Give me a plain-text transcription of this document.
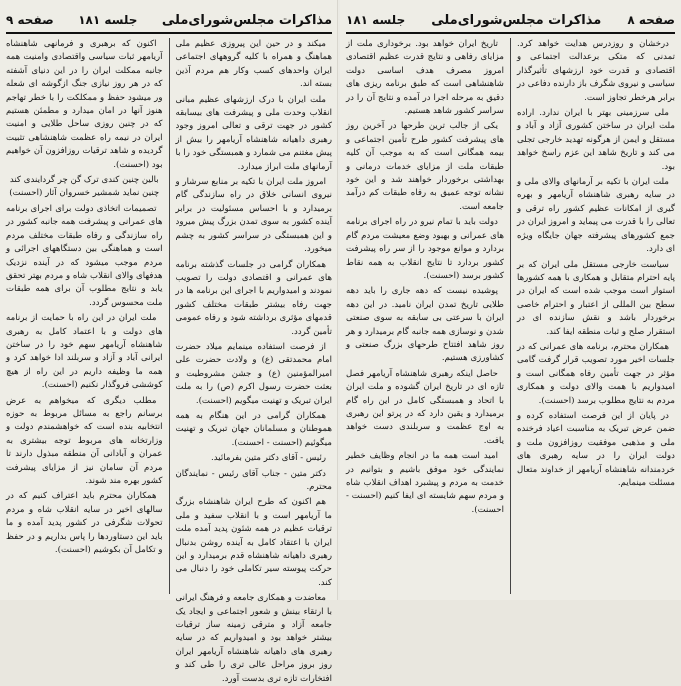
مذاکرات مجلس‌شورای‌ملی
جلسه ۱۸۱
صفحه ۹

میکند و در حین این پیروزی عظیم ملی هماهنگ و همراه با کلیه گروههای اجتماعی ایران واحدهای کسب وکار هم مردم آذین بسته اند.

ملت ایران با درک ارزشهای عظیم مبانی انقلاب وحدت ملی و پیشرفت های بیسابقه کشور در جهت ترقی و تعالی امروز وجود رهبری داهیانه شاهنشاه آریامهر را بیش از پیش مغتنم می شمارد و همبستگی خود را با آرمانهای ملت ابراز میدارد.

امروز ملت ایران با تکیه بر منابع سرشار و نیروی انسانی خلاق در راه سازندگی گام برمیدارد و با احساس مسئولیت در برابر آینده کشور به سوی تمدن بزرگ پیش میرود و این همبستگی در سراسر کشور به چشم میخورد.

همکاران گرامی در جلسات گذشته برنامه های عمرانی و اقتصادی دولت را تصویب نمودند و امیدواریم با اجرای این برنامه ها در جهت رفاه بیشتر طبقات مختلف کشور قدمهای مؤثری برداشته شود و رفاه عمومی تأمین گردد.

از فرصت استفاده مینمایم میلاد حضرت امام محمدتقی (ع) و ولادت حضرت علی امیرالمؤمنین (ع) و جشن مشروطیت و بعثت حضرت رسول اکرم (ص) را به ملت ایران تبریک و تهنیت میگویم (احسنت).

همکاران گرامی در این هنگام به همه هموطنان و مسلمانان جهان تبریک و تهنیت میگوئیم (احسنت - احسنت).

رئیس - آقای دکتر متین بفرمائید.

دکتر متین - جناب آقای رئیس - نمایندگان محترم.

هم اکنون که طرح ایران شاهنشاه بزرگ ما آریامهر است و با انقلاب سفید و ملی ترقیات عظیم در همه شئون پدید آمده ملت ایران با اعتقاد کامل به آینده روشن بدنبال رهبری داهیانه شاهنشاه قدم برمیدارد و این حرکت پیوسته سیر تکاملی خود را دنبال می کند.

معاضدت و همکاری جامعه و فرهنگ ایرانی با ارتقاء بینش و شعور اجتماعی و ایجاد یک جامعه آزاد و مترقی زمینه ساز ترقیات بیشتر خواهد بود و امیدواریم که در سایه رهبری های داهیانه شاهنشاه آریامهر ایران روز بروز مراحل عالی تری را طی کند و افتخارات تازه تری بدست آورد.

اکنون که برهبری و فرمانهی شاهنشاه آریامهر ثبات سیاسی واقتصادی وامنیت همه جانبه ممکلت ایران را در این دنیای آشفته که در هر روز نیازی جنگ ازگوشه ای شعله ور میشود حفظ و ممکلکت را با خطر تهاجم هنوز آنها در امان میدارد و مطمئن هستیم که در چنین روزی ساحل طلایی و امنیت ایران در نیمه راه عظمت شاهنشاهی تثبیت گردیده و شاهد ترقیات روزافزون آن خواهیم بود (احسنت).

بالین چنین کندی ترک گن چر گردایندی کند چنین نماید شمشیر خسروان آثار (احسنت)

تصمیمات اتخاذی دولت برای اجرای برنامه های عمرانی و پیشرفت همه جانبه کشور در راه سازندگی و رفاه طبقات مختلف مردم است و هماهنگی بین دستگاههای اجرائی و مردم موجب میشود که در آینده نزدیک هدفهای والای انقلاب شاه و مردم بهتر تحقق یابد و نتایج مطلوب آن برای همه طبقات ملت محسوس گردد.

ملت ایران در این راه با حمایت از برنامه های دولت و با اعتماد کامل به رهبری شاهنشاه آریامهر سهم خود را در ساختن ایرانی آباد و آزاد و سربلند ادا خواهد کرد و همه ما وظیفه داریم در این راه از هیچ کوششی فروگذار نکنیم (احسنت).

مطلب دیگری که میخواهم به عرض برسانم راجع به مسائل مربوط به حوزه انتخابیه بنده است که خواهشمندم دولت و وزارتخانه های مربوط توجه بیشتری به عمران و آبادانی آن منطقه مبذول دارند تا مردم آن سامان نیز از مزایای پیشرفت کشور بهره مند شوند.

همکاران محترم باید اعتراف کنیم که در سالهای اخیر در سایه انقلاب شاه و مردم تحولات شگرفی در کشور پدید آمده و ما باید این دستاوردها را پاس بداریم و در حفظ و تکامل آن بکوشیم (احسنت).

صفحه ۸
مذاکرات مجلس‌شورای‌ملی
جلسه ۱۸۱

درخشان و روزدرس هدایت خواهد کرد. تمدنی که متکی برعدالت اجتماعی و اقتصادی و قدرت خود ارزشهای تأثیرگذار سیاسی و نیروی شگرف باز دارنده دفاعی در برابر هرخطر تجاوز است.

ملی سرزمینی بهتر با ایران ندارد. اراده ملت ایران در ساختن کشوری آزاد و آباد و مستقل و ایمن از هرگونه تهدید خارجی تجلی می کند و تاریخ شاهد این عزم راسخ خواهد بود.

ملت ایران با تکیه بر آرمانهای والای ملی و در سایه رهبری شاهنشاه آریامهر و بهره گیری از امکانات عظیم کشور راه ترقی و تعالی را با قدرت می پیماید و امروز ایران در جمع کشورهای پیشرفته جهان جایگاه ویژه ای دارد.

سیاست خارجی مستقل ملی ایران که بر پایه احترام متقابل و همکاری با همه کشورها استوار است موجب شده است که ایران در سطح بین المللی از اعتبار و احترام خاصی برخوردار باشد و نقش سازنده ای در استقرار صلح و ثبات منطقه ایفا کند.

همکاران محترم، برنامه های عمرانی که در جلسات اخیر مورد تصویب قرار گرفت گامی مؤثر در جهت تأمین رفاه همگانی است و امیدواریم با همت والای دولت و همکاری مردم به نتایج مطلوب برسد (احسنت).

در پایان از این فرصت استفاده کرده و ضمن عرض تبریک به مناسبت اعیاد فرخنده ملی و مذهبی موفقیت روزافزون ملت و دولت ایران را در سایه رهبری های خردمندانه شاهنشاه آریامهر از خداوند متعال مسئلت مینمایم.

تاریخ ایران خواهد بود. برخوداری ملت از مزایای رفاهی و نتایج قدرت عظیم اقتصادی امروز مصرف هدف اساسی دولت شاهنشاهی است که طبق برنامه ریزی های دقیق به مرحله اجرا در آمده و نتایج آن را در سراسر کشور شاهد هستیم.

یکی از جالب ترین طرحها در آخرین روز های پیشرفت کشور طرح تأمین اجتماعی و بیمه همگانی است که به موجب آن کلیه طبقات ملت از مزایای خدمات درمانی و بهداشتی برخوردار خواهند شد و این خود نشانه توجه عمیق به رفاه طبقات کم درآمد جامعه است.

دولت باید با تمام نیرو در راه اجرای برنامه های عمرانی و بهبود وضع معیشت مردم گام بردارد و موانع موجود را از سر راه پیشرفت کشور بردارد تا نتایج انقلاب به همه نقاط کشور برسد (احسنت).

پوشیده نیست که دهه جاری را باید دهه طلایی تاریخ تمدن ایران نامید. در این دهه ایران با سرعتی بی سابقه به سوی صنعتی شدن و نوسازی همه جانبه گام برمیدارد و هر روز شاهد افتتاح طرحهای بزرگ صنعتی و کشاورزی هستیم.

حاصل اینکه رهبری شاهنشاه آریامهر فصل تازه ای در تاریخ ایران گشوده و ملت ایران با اتحاد و همبستگی کامل در این راه گام برمیدارد و یقین دارد که در پرتو این رهبری به اوج عظمت و سربلندی دست خواهد یافت.

امید است همه ما در انجام وظایف خطیر نمایندگی خود موفق باشیم و بتوانیم در خدمت به مردم و پیشبرد اهداف انقلاب شاه و مردم سهم شایسته ای ایفا کنیم (احسنت - احسنت).
